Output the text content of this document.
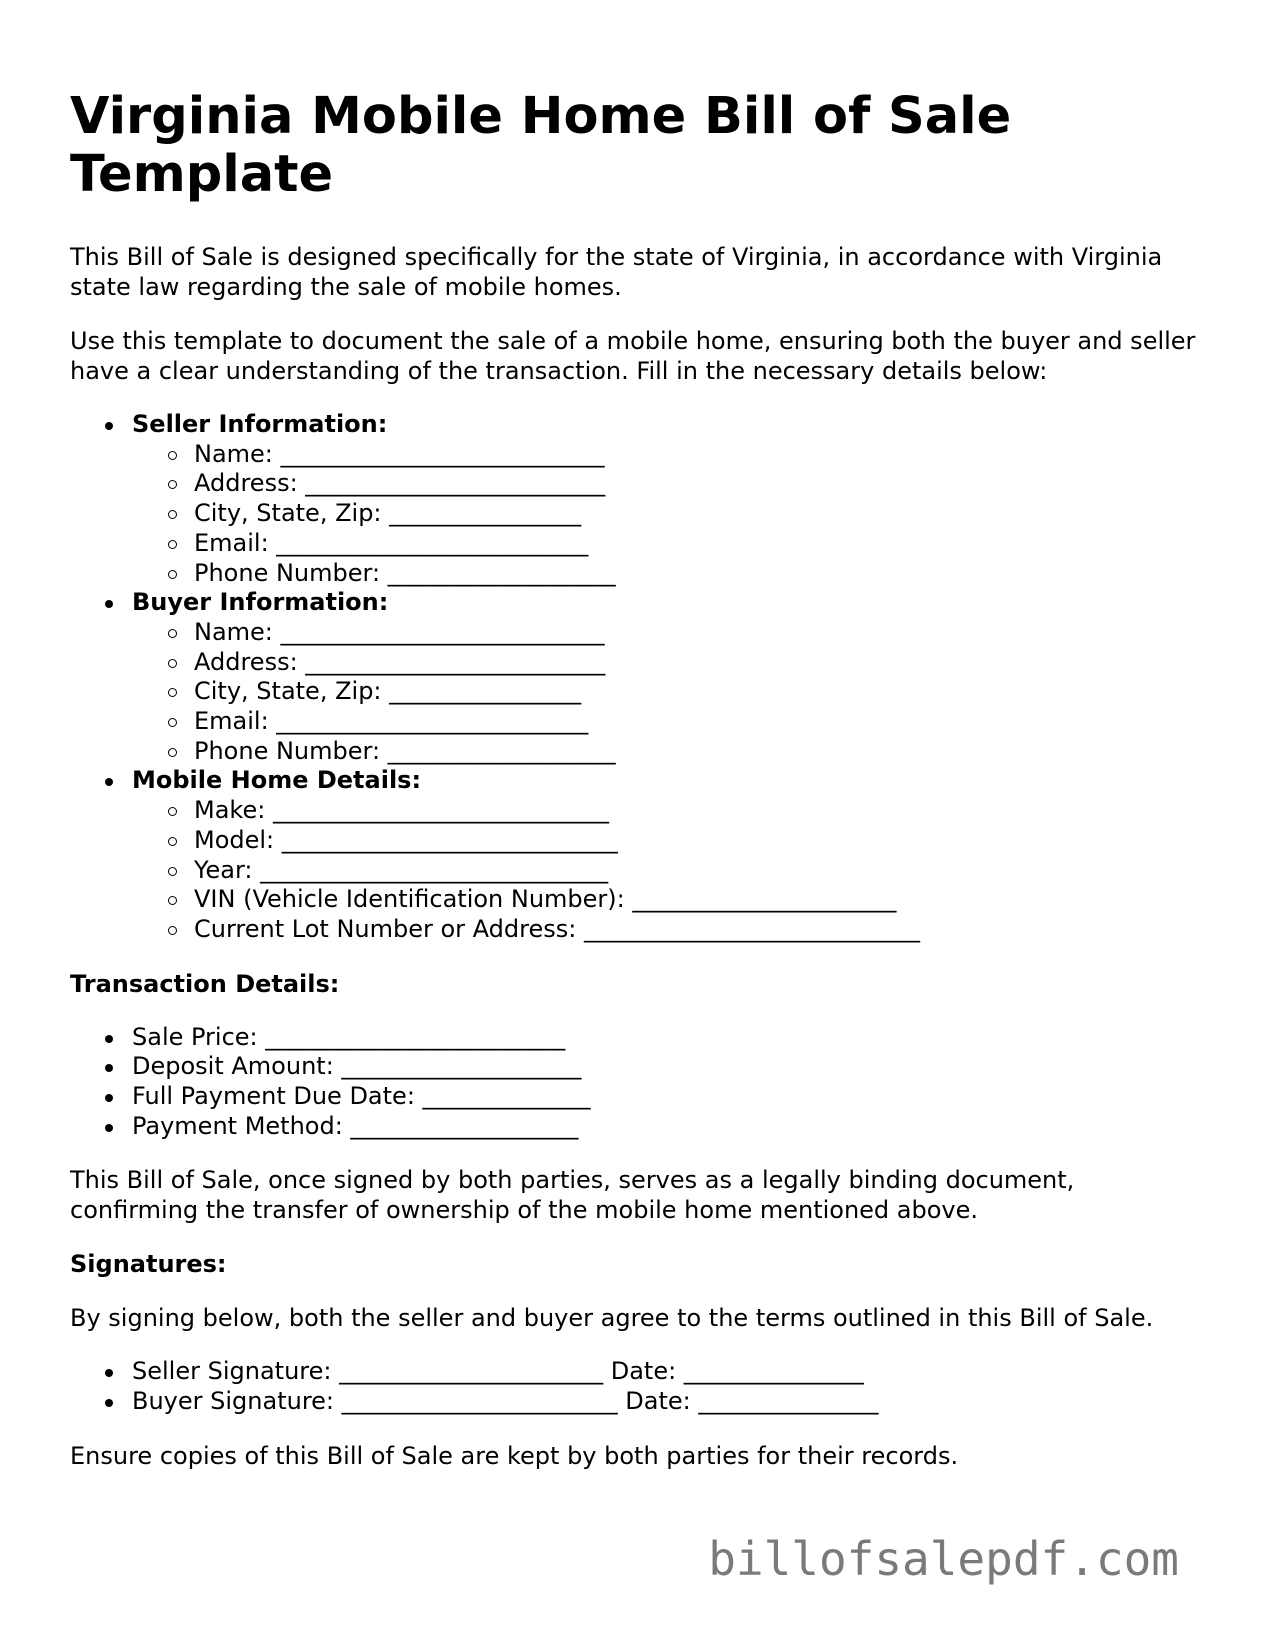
Virginia Mobile Home Bill of Sale Template

This Bill of Sale is designed specifically for the state of Virginia, in accordance with Virginia state law regarding the sale of mobile homes.

Use this template to document the sale of a mobile home, ensuring both the buyer and seller have a clear understanding of the transaction. Fill in the necessary details below:

Seller Information:
Name: ___________________________
Address: _________________________
City, State, Zip: ________________
Email: __________________________
Phone Number: ___________________
Buyer Information:
Name: ___________________________
Address: _________________________
City, State, Zip: ________________
Email: __________________________
Phone Number: ___________________
Mobile Home Details:
Make: ____________________________
Model: ____________________________
Year: _____________________________
VIN (Vehicle Identification Number): ______________________
Current Lot Number or Address: ____________________________

Transaction Details:

Sale Price: _________________________
Deposit Amount: ____________________
Full Payment Due Date: ______________
Payment Method: ___________________

This Bill of Sale, once signed by both parties, serves as a legally binding document, confirming the transfer of ownership of the mobile home mentioned above.

Signatures:

By signing below, both the seller and buyer agree to the terms outlined in this Bill of Sale.

Seller Signature: ______________________ Date: _______________
Buyer Signature: _______________________ Date: _______________

Ensure copies of this Bill of Sale are kept by both parties for their records.

billofsalepdf.com
